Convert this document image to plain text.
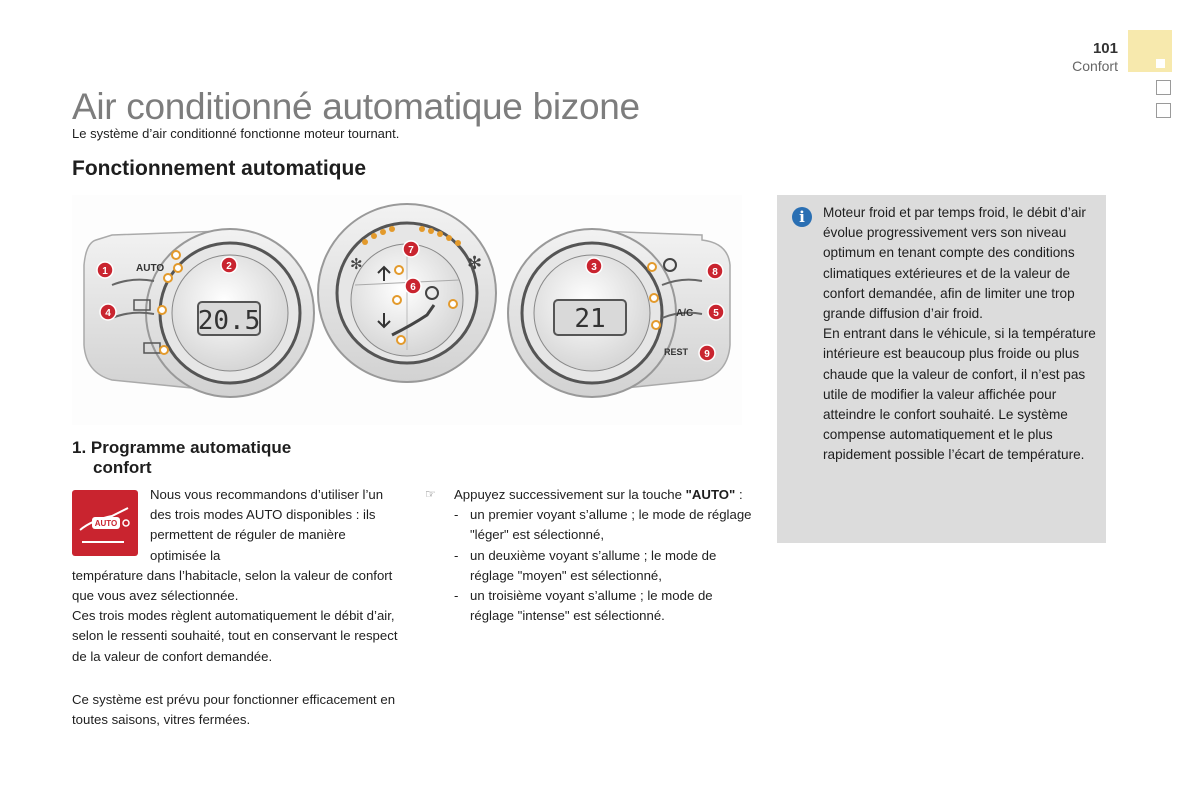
101
Confort
Air conditionné automatique bizone
Le système d’air conditionné fonctionne moteur tournant.
Fonctionnement automatique
AUTO
20.5
✻	✻
21	A/C
REST
1	2	3
4	5
6
7
8
9
1. Programme automatique
confort
AUTO
Nous vous recommandons d’utiliser l’un des trois modes AUTO disponibles : ils permettent de réguler de manière optimisée la
température dans l’habitacle, selon la valeur de confort que vous avez sélectionnée.
Ces trois modes règlent automatiquement le débit d’air, selon le ressenti souhaité, tout en conservant le respect de la valeur de confort demandée.
Ce système est prévu pour fonctionner efficacement en toutes saisons, vitres fermées.
☞ Appuyez successivement sur la touche "AUTO" :
- un premier voyant s’allume ; le mode de réglage "léger" est sélectionné,
- un deuxième voyant s’allume ; le mode de réglage "moyen" est sélectionné,
- un troisième voyant s’allume ; le mode de réglage "intense" est sélectionné.
i	Moteur froid et par temps froid, le débit d’air évolue progressivement vers son niveau optimum en tenant compte des conditions climatiques extérieures et de la valeur de confort demandée, afin de limiter une trop grande diffusion d’air froid.
En entrant dans le véhicule, si la température intérieure est beaucoup plus froide ou plus chaude que la valeur de confort, il n’est pas utile de modifier la valeur affichée pour atteindre le confort souhaité. Le système compense automatiquement et le plus rapidement possible l’écart de température.
